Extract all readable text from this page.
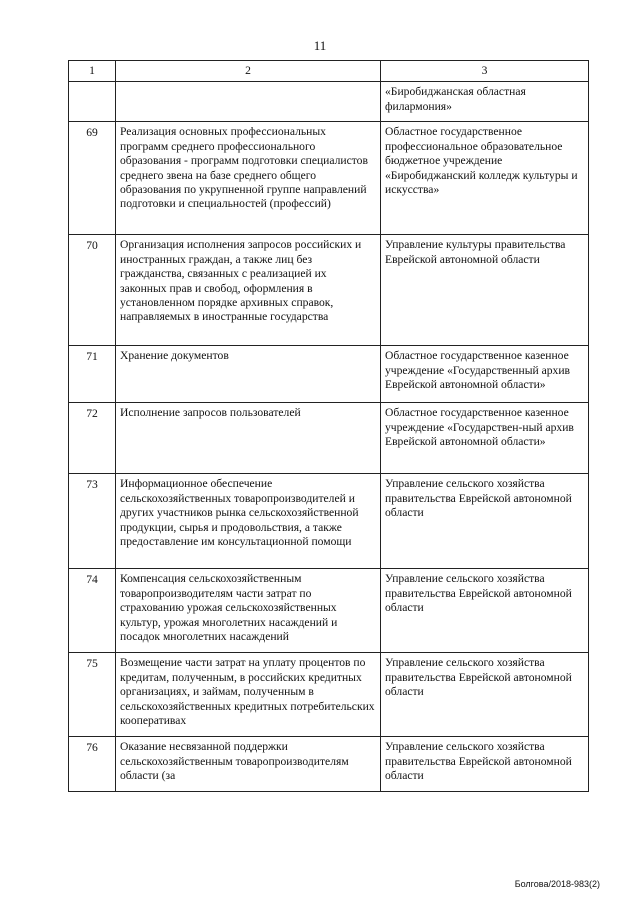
11
1	2	3
		«Биробиджанская областная филармония»
69	Реализация основных профессиональных программ среднего профессионального образования - программ подготовки специалистов среднего звена на базе среднего общего образования по укрупненной группе направлений подготовки и специальностей (профессий)	Областное государственное профессиональное образовательное бюджетное учреждение «Биробиджанский колледж культуры и искусства»
70	Организация исполнения запросов российских и иностранных граждан, а также лиц без гражданства, связанных с реализацией их законных прав и свобод, оформления в установленном порядке архивных справок, направляемых в иностранные государства	Управление культуры правительства Еврейской автономной области
71	Хранение документов	Областное государственное казенное учреждение «Государственный архив Еврейской автономной области»
72	Исполнение запросов пользователей	Областное государственное казенное учреждение «Государствен-ный архив Еврейской автономной области»
73	Информационное обеспечение сельскохозяйственных товаропроизводителей и других участников рынка сельскохозяйственной продукции, сырья и продовольствия, а также предоставление им консультационной помощи	Управление сельского хозяйства правительства Еврейской автономной области
74	Компенсация сельскохозяйственным товаропроизводителям части затрат по страхованию урожая сельскохозяйственных культур, урожая многолетних насаждений и посадок многолетних насаждений	Управление сельского хозяйства правительства Еврейской автономной области
75	Возмещение части затрат на уплату процентов по кредитам, полученным, в российских кредитных организациях, и займам, полученным в сельскохозяйственных кредитных потребительских кооперативах	Управление сельского хозяйства правительства Еврейской автономной области
76	Оказание несвязанной поддержки сельскохозяйственным товаропроизводителям области (за	Управление сельского хозяйства правительства Еврейской автономной области
Болгова/2018-983(2)
